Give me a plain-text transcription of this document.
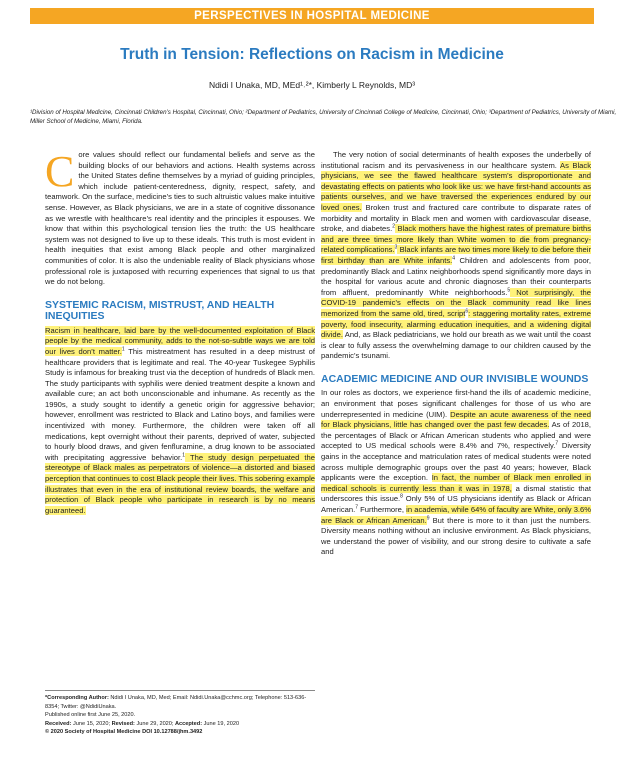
PERSPECTIVES IN HOSPITAL MEDICINE
Truth in Tension: Reflections on Racism in Medicine
Ndidi I Unaka, MD, MEd¹˒²*, Kimberly L Reynolds, MD³
¹Division of Hospital Medicine, Cincinnati Children’s Hospital, Cincinnati, Ohio; ²Department of Pediatrics, University of Cincinnati College of Medicine, Cincinnati, Ohio; ³Department of Pediatrics, University of Miami, Miller School of Medicine, Miami, Florida.

Core values should reflect our fundamental beliefs and serve as the building blocks of our behaviors and actions. Health systems across the United States define themselves by a myriad of guiding principles, which include patient-centeredness, dignity, respect, safety, and teamwork. On the surface, medicine’s ties to such altruistic values make intuitive sense. However, as Black physicians, we are in a state of cognitive dissonance as we wrestle with healthcare’s real identity and the principles it espouses. We know that within this psychological tension lies the truth: the US healthcare system was not designed to live up to these ideals. This truth is most evident in health inequities that exist among Black people and other marginalized communities of color. It is also the undeniable reality of Black physicians whose professional role is juxtaposed with recurring experiences that signal to us that we do not belong.

SYSTEMIC RACISM, MISTRUST, AND HEALTH INEQUITIES

Racism in healthcare, laid bare by the well-documented exploitation of Black people by the medical community, adds to the not-so-subtle ways we are told our lives don’t matter.$^1$ This mistreatment has resulted in a deep mistrust of healthcare providers that is legitimate and real. The 40-year Tuskegee Syphilis Study is infamous for breaking trust via the deception of hundreds of Black men. The study participants with syphilis were denied treatment despite a known and available cure; an act both unconscionable and inhumane. As recently as the 1990s, a study sought to identify a genetic origin for aggressive behavior; however, enrollment was restricted to Black and Latino boys, and families were incentivized with money. Furthermore, the children were taken off all medications, kept overnight without their parents, deprived of water, subjected to hourly blood draws, and given fenfluramine, a drug known to be associated with precipitating aggressive behavior.$^1$ The study design perpetuated the stereotype of Black males as perpetrators of violence—a distorted and biased perception that continues to cost Black people their lives. This sobering example illustrates that even in the era of institutional review boards, the welfare and protection of Black people who participate in research is by no means guaranteed.

The very notion of social determinants of health exposes the underbelly of institutional racism and its pervasiveness in our healthcare system. As Black physicians, we see the flawed healthcare system’s disproportionate and devastating effects on patients who look like us: we have first-hand accounts as patients ourselves, and we have traversed the experiences endured by our loved ones. Broken trust and fractured care contribute to disparate rates of morbidity and mortality in Black men and women with cardiovascular disease, stroke, and diabetes.$^2$ Black mothers have the highest rates of premature births and are three times more likely than White women to die from pregnancy-related complications.$^3$ Black infants are two times more likely to die before their first birthday than are White infants.$^4$ Children and adolescents from poor, predominantly Black and Latinx neighborhoods spend significantly more days in the hospital for various acute and chronic diagnoses than their counterparts from affluent, predominantly White neighborhoods.$^5$ Not surprisingly, the COVID-19 pandemic’s effects on the Black community read like lines memorized from the same old, tired, script$^6$: staggering mortality rates, extreme poverty, food insecurity, alarming education inequities, and a widening digital divide. And, as Black pediatricians, we hold our breath as we wait until the coast is clear to fully assess the overwhelming damage to our children caused by the pandemic’s tsunami.

ACADEMIC MEDICINE AND OUR INVISIBLE WOUNDS

In our roles as doctors, we experience first-hand the ills of academic medicine, an environment that poses significant challenges for those of us who are underrepresented in medicine (UIM). Despite an acute awareness of the need for Black physicians, little has changed over the past few decades. As of 2018, the percentages of Black or African American students who applied and were accepted to US medical schools were 8.4% and 7%, respectively.$^7$ Diversity gains in the acceptance and matriculation rates of medical students were noted across multiple demographic groups over the past 40 years; however, Black applicants were the exception. In fact, the number of Black men enrolled in medical schools is currently less than it was in 1978, a dismal statistic that underscores this issue.$^8$ Only 5% of US physicians identify as Black or African American.$^7$ Furthermore, in academia, while 64% of faculty are White, only 3.6% are Black or African American.$^9$ But there is more to it than just the numbers. Diversity means nothing without an inclusive environment. As Black physicians, we understand the power of visibility, and our strong desire to cultivate a safe and

*Corresponding Author: Ndidi I Unaka, MD, Med; Email: Ndidi.Unaka@cchmc.org; Telephone: 513-636-8354; Twitter: @NdidiUnaka.

Published online first June 25, 2020.

Received: June 15, 2020; Revised: June 29, 2020; Accepted: June 19, 2020

© 2020 Society of Hospital Medicine DOI 10.12788/jhm.3492
